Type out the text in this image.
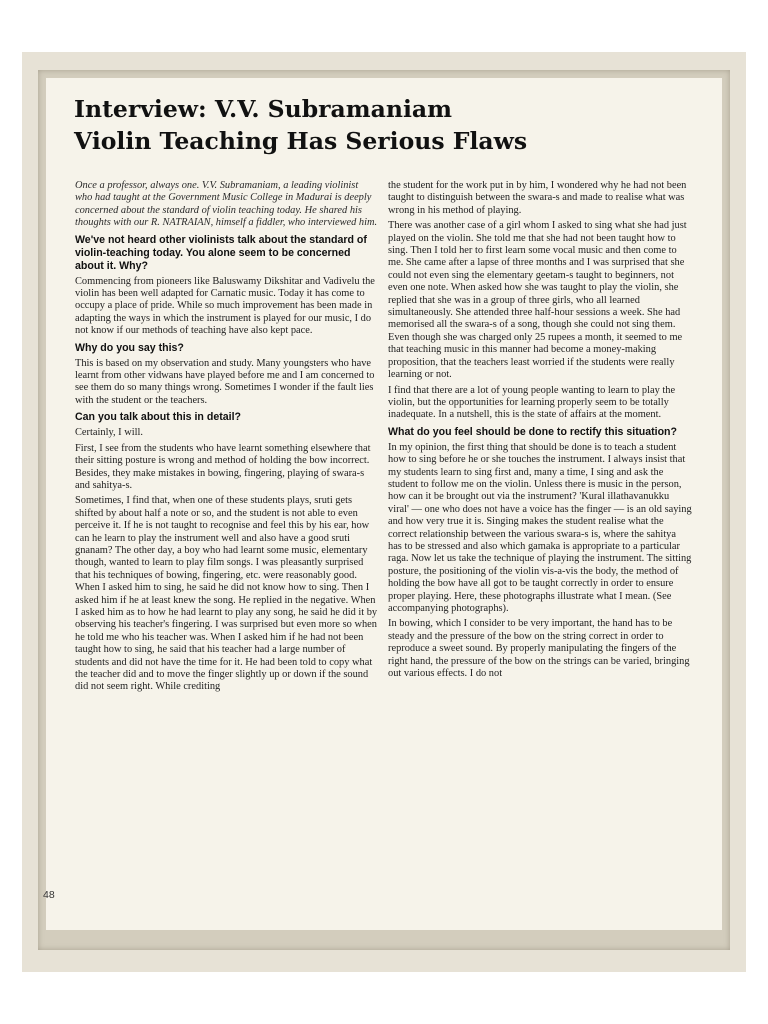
Interview: V.V. Subramaniam
Violin Teaching Has Serious Flaws

Once a professor, always one. V.V. Subramaniam, a leading violinist who had taught at the Government Music College in Madurai is deeply concerned about the standard of violin teaching today. He shared his thoughts with our R. NATRAIAN, himself a fiddler, who interviewed him.

We've not heard other violinists talk about the standard of violin-teaching today. You alone seem to be concerned about it. Why?

Commencing from pioneers like Baluswamy Dikshitar and Vadivelu the violin has been well adapted for Carnatic music. Today it has come to occupy a place of pride. While so much improvement has been made in adapting the ways in which the instrument is played for our music, I do not know if our methods of teaching have also kept pace.

Why do you say this?

This is based on my observation and study. Many youngsters who have learnt from other vidwans have played before me and I am concerned to see them do so many things wrong. Sometimes I wonder if the fault lies with the student or the teachers.

Can you talk about this in detail?

Certainly, I will.

First, I see from the students who have learnt something elsewhere that their sitting posture is wrong and method of holding the bow incorrect. Besides, they make mistakes in bowing, fingering, playing of swara-s and sahitya-s.

Sometimes, I find that, when one of these students plays, sruti gets shifted by about half a note or so, and the student is not able to even perceive it. If he is not taught to recognise and feel this by his ear, how can he learn to play the instrument well and also have a good sruti gnanam? The other day, a boy who had learnt some music, elementary though, wanted to learn to play film songs. I was pleasantly surprised that his techniques of bowing, fingering, etc. were reasonably good. When I asked him to sing, he said he did not know how to sing. Then I asked him if he at least knew the song. He replied in the negative. When I asked him as to how he had learnt to play any song, he said he did it by observing his teacher's fingering. I was surprised but even more so when he told me who his teacher was. When I asked him if he had not been taught how to sing, he said that his teacher had a large number of students and did not have the time for it. He had been told to copy what the teacher did and to move the finger slightly up or down if the sound did not seem right. While crediting

the student for the work put in by him, I wondered why he had not been taught to distinguish between the swara-s and made to realise what was wrong in his method of playing.

There was another case of a girl whom I asked to sing what she had just played on the violin. She told me that she had not been taught how to sing. Then I told her to first learn some vocal music and then come to me. She came after a lapse of three months and I was surprised that she could not even sing the elementary geetam-s taught to beginners, not even one note. When asked how she was taught to play the violin, she replied that she was in a group of three girls, who all learned simultaneously. She attended three half-hour sessions a week. She had memorised all the swara-s of a song, though she could not sing them. Even though she was charged only 25 rupees a month, it seemed to me that teaching music in this manner had become a money-making proposition, that the teachers least worried if the students were really learning or not.

I find that there are a lot of young people wanting to learn to play the violin, but the opportunities for learning properly seem to be totally inadequate. In a nutshell, this is the state of affairs at the moment.

What do you feel should be done to rectify this situation?

In my opinion, the first thing that should be done is to teach a student how to sing before he or she touches the instrument. I always insist that my students learn to sing first and, many a time, I sing and ask the student to follow me on the violin. Unless there is music in the person, how can it be brought out via the instrument? 'Kural illathavanukku viral' — one who does not have a voice has the finger — is an old saying and how very true it is. Singing makes the student realise what the correct relationship between the various swara-s is, where the sahitya has to be stressed and also which gamaka is appropriate to a particular raga. Now let us take the technique of playing the instrument. The sitting posture, the positioning of the violin vis-a-vis the body, the method of holding the bow have all got to be taught correctly in order to ensure proper playing. Here, these photographs illustrate what I mean. (See accompanying photographs).

In bowing, which I consider to be very important, the hand has to be steady and the pressure of the bow on the string correct in order to reproduce a sweet sound. By properly manipulating the fingers of the right hand, the pressure of the bow on the strings can be varied, bringing out various effects. I do not

48
